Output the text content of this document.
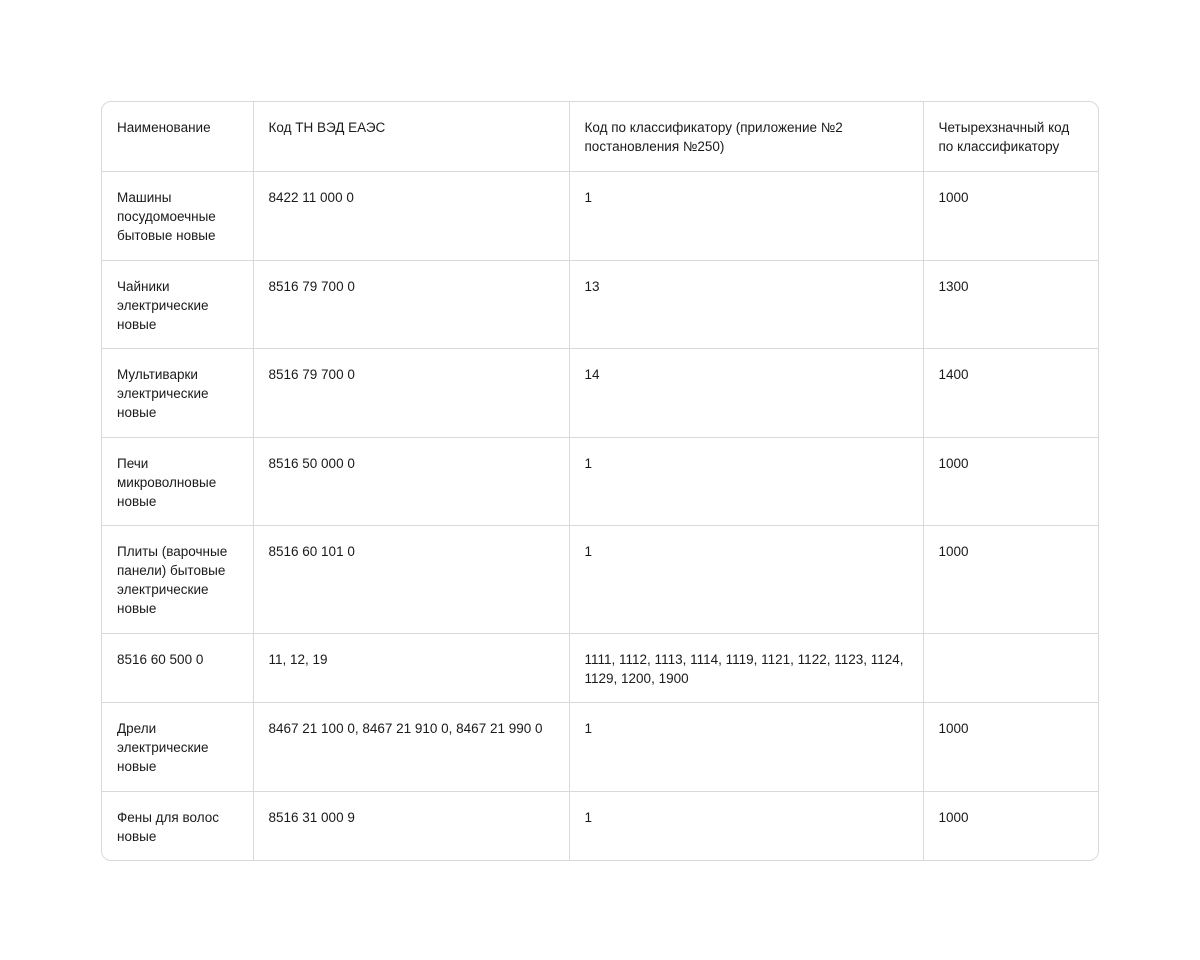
Наименование	Код ТН ВЭД ЕАЭС	Код по классификатору (приложение №2 постановления №250)	Четырехзначный код по классификатору
Машины посудомоечные бытовые новые	8422 11 000 0	1	1000
Чайники электрические новые	8516 79 700 0	13	1300
Мультиварки электрические новые	8516 79 700 0	14	1400
Печи микроволновые новые	8516 50 000 0	1	1000
Плиты (варочные панели) бытовые электрические новые	8516 60 101 0	1	1000
8516 60 500 0	11, 12, 19	1111, 1112, 1113, 1114, 1119, 1121, 1122, 1123, 1124, 1129, 1200, 1900	
Дрели электрические новые	8467 21 100 0, 8467 21 910 0, 8467 21 990 0	1	1000
Фены для волос новые	8516 31 000 9	1	1000
